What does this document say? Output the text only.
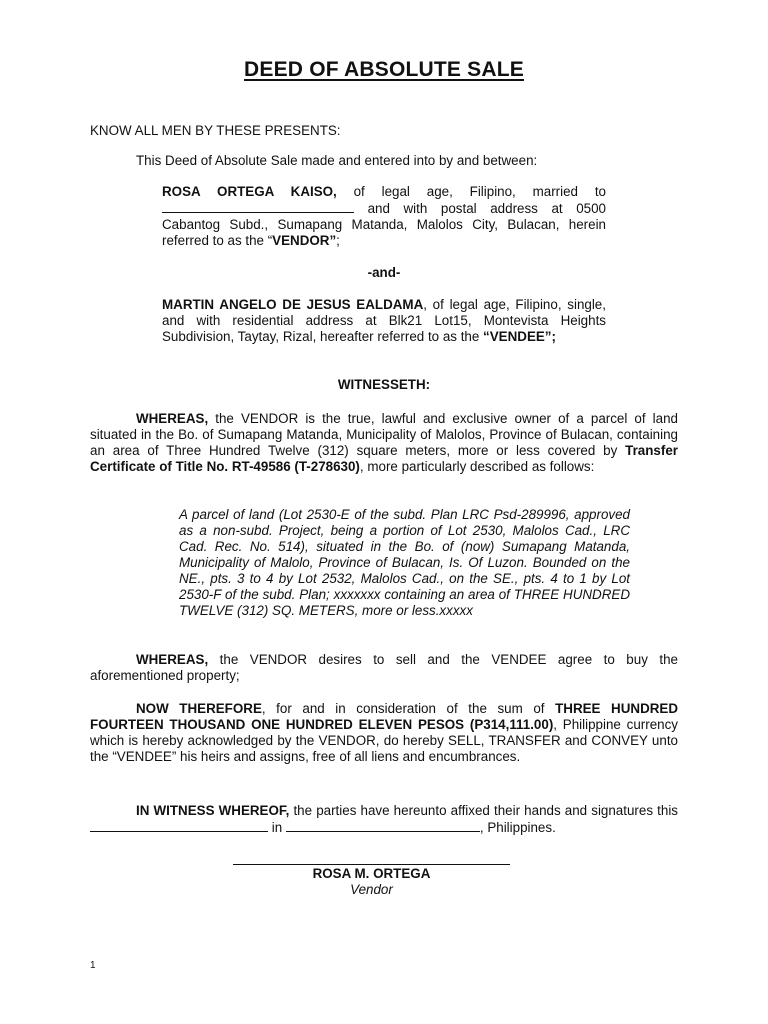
DEED OF ABSOLUTE SALE
KNOW ALL MEN BY THESE PRESENTS:
This Deed of Absolute Sale made and entered into by and between:
ROSA ORTEGA KAISO, of legal age, Filipino, married to  and with postal address at 0500 Cabantog Subd., Sumapang Matanda, Malolos City, Bulacan, herein referred to as the “VENDOR”;
-and-
MARTIN ANGELO DE JESUS EALDAMA, of legal age, Filipino, single, and with residential address at Blk21 Lot15, Montevista Heights Subdivision, Taytay, Rizal, hereafter referred to as the “VENDEE”;
WITNESSETH:
WHEREAS, the VENDOR is the true, lawful and exclusive owner of a parcel of land situated in the Bo. of Sumapang Matanda, Municipality of Malolos, Province of Bulacan, containing an area of Three Hundred Twelve (312) square meters, more or less covered by Transfer Certificate of Title No. RT-49586 (T-278630), more particularly described as follows:
A parcel of land (Lot 2530-E of the subd. Plan LRC Psd-289996, approved as a non-subd. Project, being a portion of Lot 2530, Malolos Cad., LRC Cad. Rec. No. 514), situated in the Bo. of (now) Sumapang Matanda, Municipality of Malolo, Province of Bulacan, Is. Of Luzon. Bounded on the NE., pts. 3 to 4 by Lot 2532, Malolos Cad., on the SE., pts. 4 to 1 by Lot 2530-F of the subd. Plan; xxxxxxx containing an area of THREE HUNDRED TWELVE (312) SQ. METERS, more or less.xxxxx
WHEREAS, the VENDOR desires to sell and the VENDEE agree to buy the aforementioned property;
NOW THEREFORE, for and in consideration of the sum of THREE HUNDRED FOURTEEN THOUSAND ONE HUNDRED ELEVEN PESOS (P314,111.00), Philippine currency which is hereby acknowledged by the VENDOR, do hereby SELL, TRANSFER and CONVEY unto the “VENDEE” his heirs and assigns, free of all liens and encumbrances.
IN WITNESS WHEREOF, the parties have hereunto affixed their hands and signatures this  in	, Philippines.
ROSA M. ORTEGA
Vendor
1
